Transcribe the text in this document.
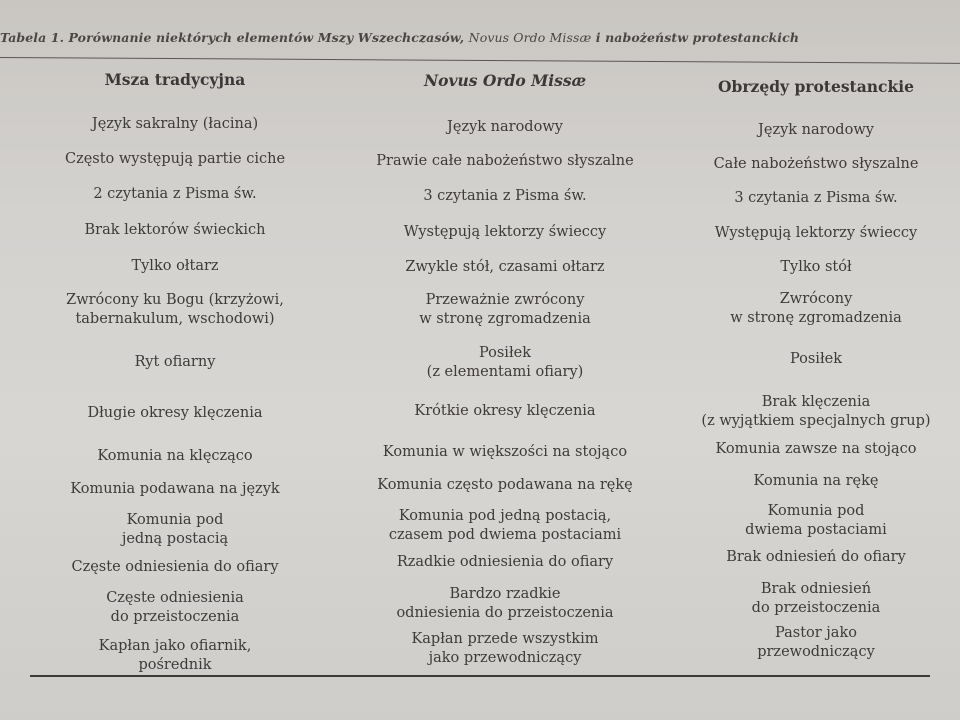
Tabela 1. Porównanie niektórych elementów Mszy Wszechczasów, Novus Ordo Missæ i nabożeństw protestanckich
Msza tradycyjna
Język sakralny (łacina)
Często występują partie ciche
2 czytania z Pisma św.
Brak lektorów świeckich
Tylko ołtarz
Zwrócony ku Bogu (krzyżowi,
tabernakulum, wschodowi)
Ryt ofiarny
Długie okresy klęczenia
Komunia na klęcząco
Komunia podawana na język
Komunia pod
jedną postacią
Częste odniesienia do ofiary
Częste odniesienia
do przeistoczenia
Kapłan jako ofiarnik,
pośrednik
Novus Ordo Missæ
Język narodowy
Prawie całe nabożeństwo słyszalne
3 czytania z Pisma św.
Występują lektorzy świeccy
Zwykle stół, czasami ołtarz
Przeważnie zwrócony
w stronę zgromadzenia
Posiłek
(z elementami ofiary)
Krótkie okresy klęczenia
Komunia w większości na stojąco
Komunia często podawana na rękę
Komunia pod jedną postacią,
czasem pod dwiema postaciami
Rzadkie odniesienia do ofiary
Bardzo rzadkie
odniesienia do przeistoczenia
Kapłan przede wszystkim
jako przewodniczący
Obrzędy protestanckie
Język narodowy
Całe nabożeństwo słyszalne
3 czytania z Pisma św.
Występują lektorzy świeccy
Tylko stół
Zwrócony
w stronę zgromadzenia
Posiłek
Brak klęczenia
(z wyjątkiem specjalnych grup)
Komunia zawsze na stojąco
Komunia na rękę
Komunia pod
dwiema postaciami
Brak odniesień do ofiary
Brak odniesień
do przeistoczenia
Pastor jako
przewodniczący
